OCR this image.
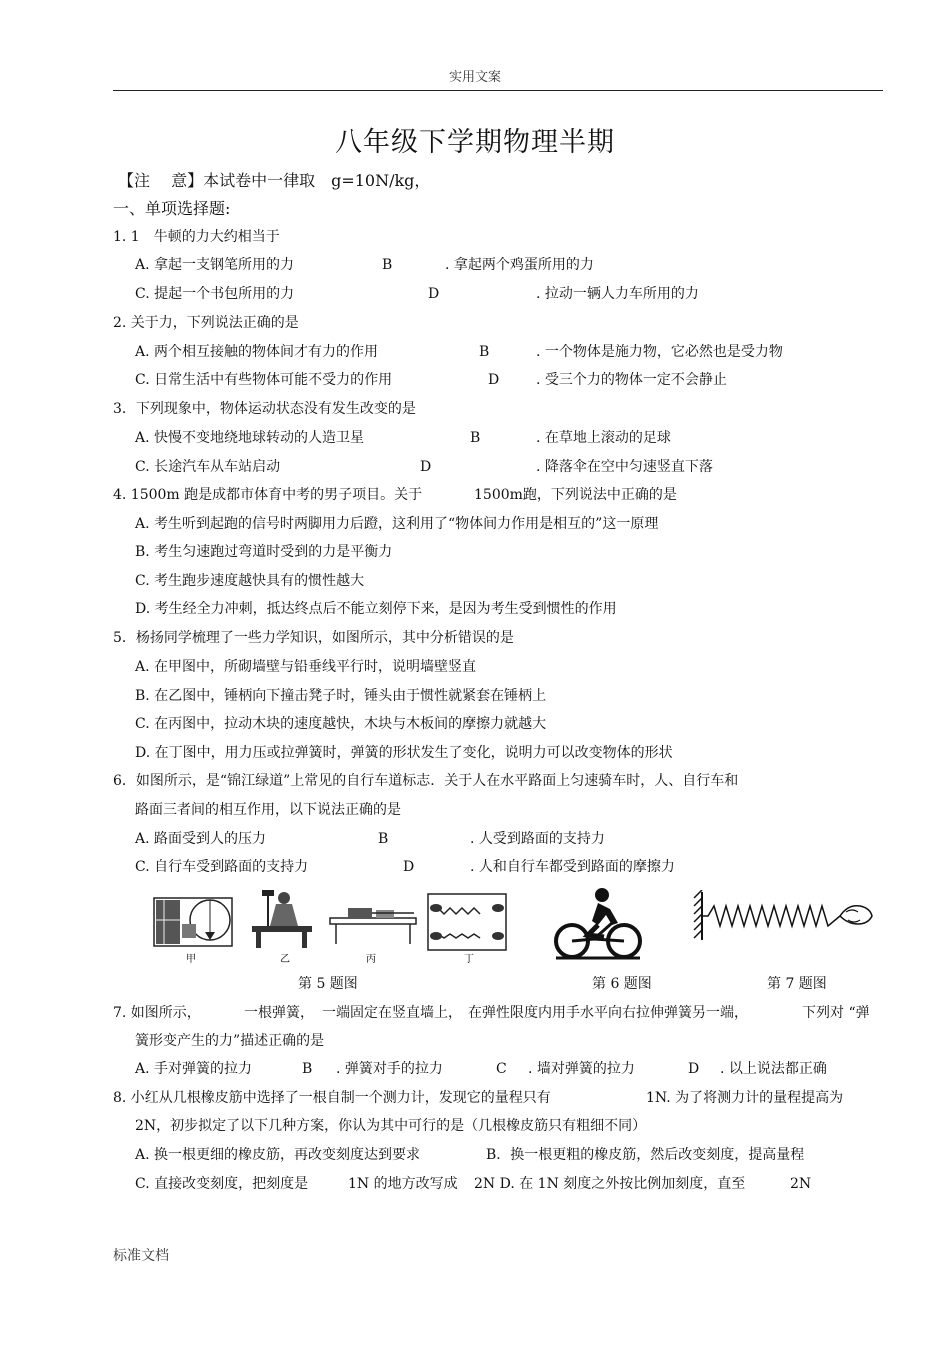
实用文案
八年级下学期物理半期
【注　 意】本试卷中一律取　g=10N/kg，
一、单项选择题:
1. 1　牛顿的力大约相当于
A. 拿起一支钢笔所用的力	B	. 拿起两个鸡蛋所用的力
C. 提起一个书包所用的力	D	. 拉动一辆人力车所用的力
2. 关于力，下列说法正确的是
A. 两个相互接触的物体间才有力的作用	B	. 一个物体是施力物，它必然也是受力物
C. 日常生活中有些物体可能不受力的作用	D	. 受三个力的物体一定不会静止
3．下列现象中，物体运动状态没有发生改变的是
A. 快慢不变地绕地球转动的人造卫星	B	. 在草地上滚动的足球
C. 长途汽车从车站启动	D	. 降落伞在空中匀速竖直下落
4. 1500m 跑是成都市体育中考的男子项目。关于	1500m跑，下列说法中正确的是
A. 考生听到起跑的信号时两脚用力后蹬，这利用了“物体间力作用是相互的”这一原理
B. 考生匀速跑过弯道时受到的力是平衡力
C. 考生跑步速度越快具有的惯性越大
D. 考生经全力冲刺，抵达终点后不能立刻停下来，是因为考生受到惯性的作用
5．杨扬同学梳理了一些力学知识，如图所示，其中分析错误的是
A. 在甲图中，所砌墙壁与铅垂线平行时，说明墙壁竖直
B. 在乙图中，锤柄向下撞击凳子时，锤头由于惯性就紧套在锤柄上
C. 在丙图中，拉动木块的速度越快，木块与木板间的摩擦力就越大
D. 在丁图中，用力压或拉弹簧时，弹簧的形状发生了变化，说明力可以改变物体的形状
6．如图所示，是“锦江绿道”上常见的自行车道标志．关于人在水平路面上匀速骑车时，人、自行车和
路面三者间的相互作用，以下说法正确的是
A. 路面受到人的压力	B	. 人受到路面的支持力
C. 自行车受到路面的支持力	D	. 人和自行车都受到路面的摩擦力
甲	乙	丙	丁
第 5 题图	第 6 题图	第 7 题图
7. 如图所示，	一根弹簧， 一端固定在竖直墙上， 在弹性限度内用手水平向右拉伸弹簧另一端，	下列对 “弹
簧形变产生的力”描述正确的是
A. 手对弹簧的拉力	B . 弹簧对手的拉力	C . 墙对弹簧的拉力	D . 以上说法都正确
8. 小红从几根橡皮筋中选择了一根自制一个测力计，发现它的量程只有	1N. 为了将测力计的量程提高为
2N，初步拟定了以下几种方案，你认为其中可行的是（几根橡皮筋只有粗细不同）
A. 换一根更细的橡皮筋，再改变刻度达到要求	B．换一根更粗的橡皮筋，然后改变刻度，提高量程
C. 直接改变刻度，把刻度是	1N 的地方改写成 2N D. 在 1N 刻度之外按比例加刻度，直至	2N
标准文档
